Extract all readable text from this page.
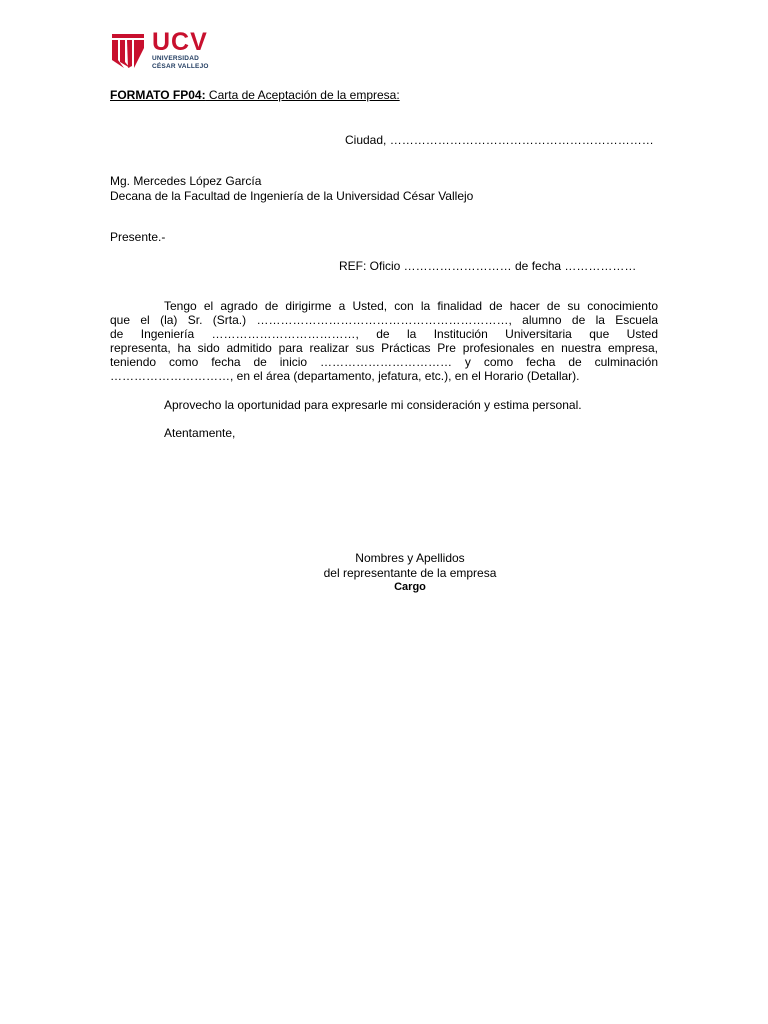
UCV
UNIVERSIDAD
CÉSAR VALLEJO
FORMATO FP04: Carta de Aceptación de la empresa:
Ciudad, …………………………………………………………
Mg. Mercedes López García
Decana de la Facultad de Ingeniería de la Universidad César Vallejo
Presente.-
REF: Oficio ……………………… de fecha ………………
Tengo el agrado de dirigirme a Usted, con la finalidad de hacer de su conocimiento
que el (la) Sr. (Srta.) ………………………………………………………, alumno de la Escuela
de Ingeniería ………………………………, de la Institución Universitaria que Usted
representa, ha sido admitido para realizar sus Prácticas Pre profesionales en nuestra empresa,
teniendo como fecha de inicio …………………………… y como fecha de culminación
…………………………, en el área (departamento, jefatura, etc.), en el Horario (Detallar).
Aprovecho la oportunidad para expresarle mi consideración y estima personal.
Atentamente,
Nombres y Apellidos
del representante de la empresa
Cargo
